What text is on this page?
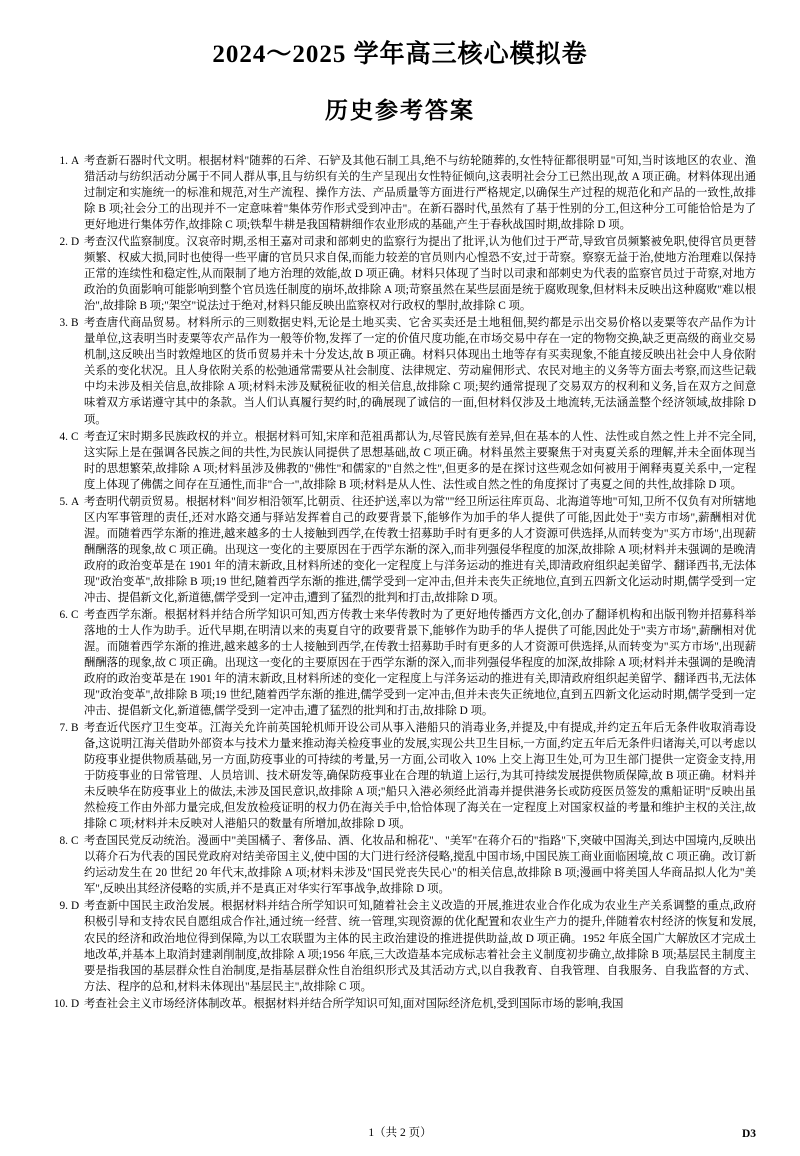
2024～2025 学年高三核心模拟卷
历史参考答案
1. A 考查新石器时代文明。根据材料"随葬的石斧、石铲及其他石制工具,绝不与纺轮随葬的,女性特征都很明显"可知,当时该地区的农业、渔猎活动与纺织活动分属于不同人群从事,且与纺织有关的生产呈现出女性特征倾向,这表明社会分工已然出现,故 A 项正确。材料体现出通过制定和实施统一的标准和规范,对生产流程、操作方法、产品质量等方面进行严格规定,以确保生产过程的规范化和产品的一致性,故排除 B 项;社会分工的出现并不一定意味着"集体劳作形式受到冲击"。在新石器时代,虽然有了基于性别的分工,但这种分工可能恰恰是为了更好地进行集体劳作,故排除 C 项;铁犁牛耕是我国精耕细作农业形成的基础,产生于春秋战国时期,故排除 D 项。
2. D 考查汉代监察制度。汉哀帝时期,丞相王嘉对司隶和部刺史的监察行为提出了批评,认为他们过于严苛,导致官员频繁被免职,使得官员更替频繁、权威大损,同时也使得一些平庸的官员只求自保,而能力较差的官员则内心惶恐不安,过于苛察。察察无益于治,使地方治理难以保持正常的连续性和稳定性,从而限制了地方治理的效能,故 D 项正确。材料只体现了当时以司隶和部刺史为代表的监察官员过于苛察,对地方政治的负面影响可能影响到整个官员选任制度的崩坏,故排除 A 项;苛察虽然在某些层面是统于腐败现象,但材料未反映出这种腐败"难以根治",故排除 B 项;"架空"说法过于绝对,材料只能反映出监察权对行政权的掣肘,故排除 C 项。
3. B 考查唐代商品贸易。材料所示的三则数据史料,无论是土地买卖、它舍买卖还是土地租佃,契约都是示出交易价格以麦粟等农产品作为计量单位,这表明当时麦粟等农产品作为一般等价物,发挥了一定的价值尺度功能,在市场交易中存在一定的物物交换,缺乏更高级的商业交易机制,这反映出当时敦煌地区的货币贸易并未十分发达,故 B 项正确。材料只体现出土地等存有买卖现象,不能直接反映出社会中人身依附关系的变化状况。且人身依附关系的松弛通常需要从社会制度、法律规定、劳动雇佣形式、农民对地主的义务等方面去考察,而这些记载中均未涉及相关信息,故排除 A 项;材料未涉及赋税征收的相关信息,故排除 C 项;契约通常提现了交易双方的权利和义务,旨在双方之间意味着双方承诺遵守其中的条款。当人们认真履行契约时,的确展现了诚信的一面,但材料仅涉及土地流转,无法涵盖整个经济领域,故排除 D 项。
4. C 考查辽宋时期多民族政权的并立。根据材料可知,宋庠和范祖禹都认为,尽管民族有差异,但在基本的人性、法性或自然之性上并不完全同,这实际上是在强调各民族之间的共性,为民族认同提供了思想基础,故 C 项正确。材料虽然主要聚焦于对夷夏关系的理解,并未全面体现当时的思想繁荣,故排除 A 项;材料虽涉及佛教的"佛性"和儒家的"自然之性",但更多的是在探讨这些观念如何被用于阐释夷夏关系中,一定程度上体现了佛儒之间存在互通性,而非"合一",故排除 B 项;材料是从人性、法性或自然之性的角度探讨了夷夏之间的共性,故排除 D 项。
5. A 考查明代朝贡贸易。根据材料"间岁相沿领军,比朝贡、往还护送,率以为常""经卫所运往库页岛、北海道等地"可知,卫所不仅负有对所辖地区内军事管理的责任,还对水路交通与驿站发挥着自己的政要背景下,能够作为加手的华人提供了可能,因此处于"卖方市场",薪酬相对优渥。而随着西学东渐的推进,越来越多的士人接触到西学,在传教士招募助手时有更多的人才资源可供选择,从而转变为"买方市场",出现薪酬酬落的现象,故 C 项正确。出现这一变化的主要原因在于西学东渐的深入,而非列强侵华程度的加深,故排除 A 项;材料并未强调的是晚清政府的政治变革是在 1901 年的清末新政,且材料所述的变化一定程度上与洋务运动的推进有关,即清政府组织起美留学、翻译西书,无法体现"政治变革",故排除 B 项;19 世纪,随着西学东渐的推进,儒学受到一定冲击,但并未丧失正统地位,直到五四新文化运动时期,儒学受到一定冲击、提倡新文化,新道德,儒学受到一定冲击,遭到了猛烈的批判和打击,故排除 D 项。
6. C 考查西学东渐。根据材料并结合所学知识可知,西方传教士来华传教时为了更好地传播西方文化,创办了翻译机构和出版刊物并招募科举落地的士人作为助手。近代早期,在明清以来的夷夏自守的政要背景下,能够作为助手的华人提供了可能,因此处于"卖方市场",薪酬相对优渥。而随着西学东渐的推进,越来越多的士人接触到西学,在传教士招募助手时有更多的人才资源可供选择,从而转变为"买方市场",出现薪酬酬落的现象,故 C 项正确。出现这一变化的主要原因在于西学东渐的深入,而非列强侵华程度的加深,故排除 A 项;材料并未强调的是晚清政府的政治变革是在 1901 年的清末新政,且材料所述的变化一定程度上与洋务运动的推进有关,即清政府组织起美留学、翻译西书,无法体现"政治变革",故排除 B 项;19 世纪,随着西学东渐的推进,儒学受到一定冲击,但并未丧失正统地位,直到五四新文化运动时期,儒学受到一定冲击、提倡新文化,新道德,儒学受到一定冲击,遭了猛烈的批判和打击,故排除 D 项。
7. B 考查近代医疗卫生变革。江海关允许前英国轮机师开设公司从事入港船只的消毒业务,并提及,中有提成,并约定五年后无条件收取消毒设备,这说明江海关借助外部资本与技术力量来推动海关检疫事业的发展,实现公共卫生目标,一方面,约定五年后无条件归诸海关,可以考虑以防疫事业提供物质基础,另一方面,防疫事业的可持续的考量,另一方面,公司收入 10% 上交上海卫生处,可为卫生部门提供一定资金支持,用于防疫事业的日常管理、人员培训、技术研发等,确保防疫事业在合理的轨道上运行,为其可持续发展提供物质保障,故 B 项正确。材料并未反映华在防疫事业上的做法,未涉及国民意识,故排除 A 项;"船只入港必须经此消毒并提供港务长或防疫医员签发的熏船证明"反映出虽然检疫工作由外部力量完成,但发放检疫证明的权力仍在海关手中,恰恰体现了海关在一定程度上对国家权益的考量和维护主权的关注,故排除 C 项;材料并未反映对人港船只的数量有所增加,故排除 D 项。
8. C 考查国民党反动统治。漫画中"美国橘子、奢侈品、酒、化妆品和棉花"、"美军"在蒋介石的"指路"下,突破中国海关,到达中国境内,反映出以蒋介石为代表的国民党政府对结美帝国主义,使中国的大门进行经济侵略,搅乱中国市场,中国民族工商业面临困境,故 C 项正确。改订新约运动发生在 20 世纪 20 年代末,故排除 A 项;材料未涉及"国民党丧失民心"的相关信息,故排除 B 项;漫画中将美国人华商品拟人化为"美军",反映出其经济侵略的实质,并不是真正对华实行军事战争,故排除 D 项。
9. D 考查新中国民主政治发展。根据材料并结合所学知识可知,随着社会主义改造的开展,推进农业合作化成为农业生产关系调整的重点,政府积极引导和支持农民自愿组成合作社,通过统一经营、统一管理,实现资源的优化配置和农业生产力的提升,伴随着农村经济的恢复和发展,农民的经济和政治地位得到保障,为以工农联盟为主体的民主政治建设的推进提供助益,故 D 项正确。1952 年底全国广大解放区才完成土地改革,并基本上取消封建剥削制度,故排除 A 项;1956 年底,三大改造基本完成标志着社会主义制度初步确立,故排除 B 项;基层民主制度主要是指我国的基层群众性自治制度,是指基层群众性自治组织形式及其活动方式,以自我教育、自我管理、自我服务、自我监督的方式、方法、程序的总和,材料未体现出"基层民主",故排除 C 项。
10. D 考查社会主义市场经济体制改革。根据材料并结合所学知识可知,面对国际经济危机,受到国际市场的影响,我国
1（共 2 页）	D3
